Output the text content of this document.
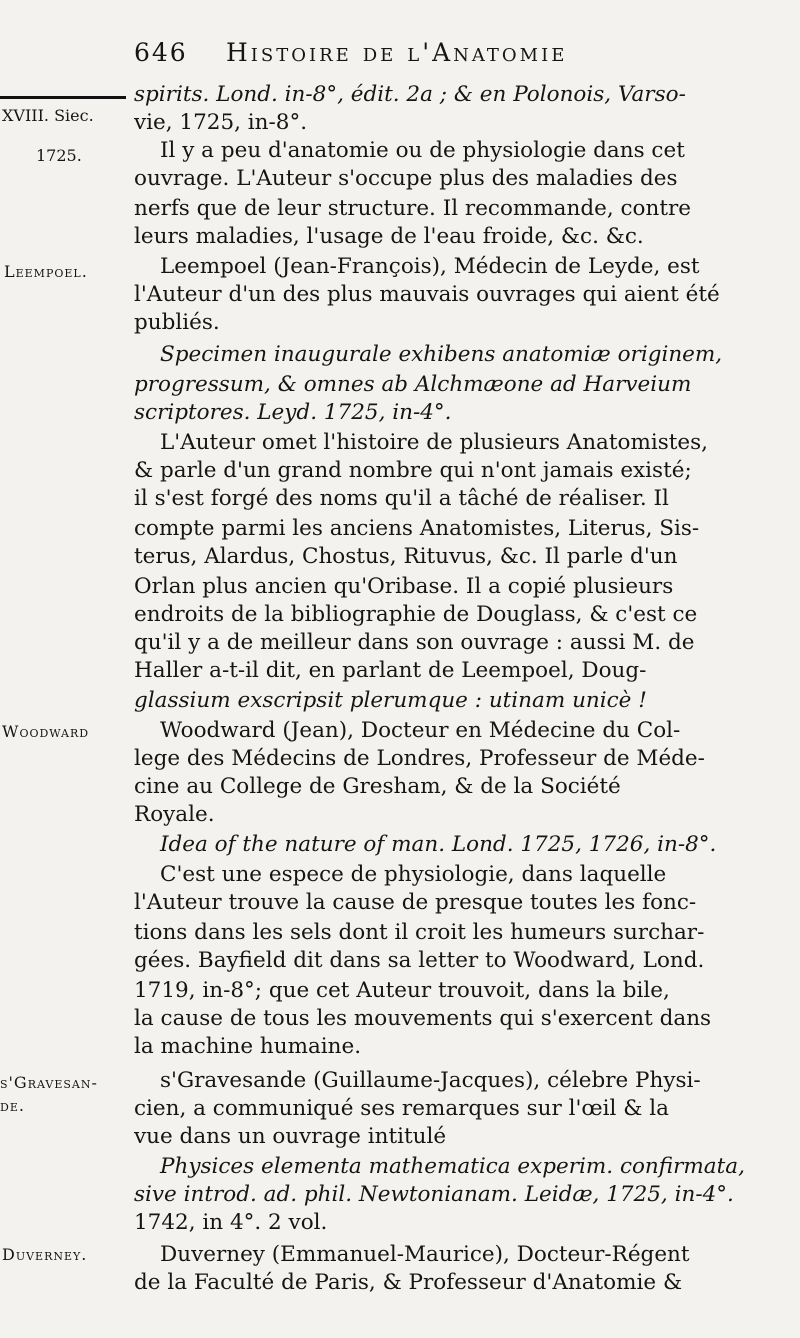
646 Histoire de l'Anatomie
XVIII. Siec.
1725.
Leempoel.
Woodward
s'Gravesan-
de.
Duverney.
spirits. Lond. in-8°, édit. 2a ; & en Polonois, Varso-
vie, 1725, in-8°.
Il y a peu d'anatomie ou de physiologie dans cet
ouvrage. L'Auteur s'occupe plus des maladies des
nerfs que de leur structure. Il recommande, contre
leurs maladies, l'usage de l'eau froide, &c. &c.
Leempoel (Jean-François), Médecin de Leyde, est
l'Auteur d'un des plus mauvais ouvrages qui aient été
publiés.
Specimen inaugurale exhibens anatomiæ originem,
progressum, & omnes ab Alchmæone ad Harveium
scriptores. Leyd. 1725, in-4°.
L'Auteur omet l'histoire de plusieurs Anatomistes,
& parle d'un grand nombre qui n'ont jamais existé;
il s'est forgé des noms qu'il a tâché de réaliser. Il
compte parmi les anciens Anatomistes, Literus, Sis-
terus, Alardus, Chostus, Rituvus, &c. Il parle d'un
Orlan plus ancien qu'Oribase. Il a copié plusieurs
endroits de la bibliographie de Douglass, & c'est ce
qu'il y a de meilleur dans son ouvrage : aussi M. de
Haller a-t-il dit, en parlant de Leempoel, Doug-
glassium exscripsit plerumque : utinam unicè !
Woodward (Jean), Docteur en Médecine du Col-
lege des Médecins de Londres, Professeur de Méde-
cine au College de Gresham, & de la Société
Royale.
Idea of the nature of man. Lond. 1725, 1726, in-8°.
C'est une espece de physiologie, dans laquelle
l'Auteur trouve la cause de presque toutes les fonc-
tions dans les sels dont il croit les humeurs surchar-
gées. Bayfield dit dans sa letter to Woodward, Lond.
1719, in-8°; que cet Auteur trouvoit, dans la bile,
la cause de tous les mouvements qui s'exercent dans
la machine humaine.
s'Gravesande (Guillaume-Jacques), célebre Physi-
cien, a communiqué ses remarques sur l'œil & la
vue dans un ouvrage intitulé
Physices elementa mathematica experim. confirmata,
sive introd. ad. phil. Newtonianam. Leidæ, 1725, in-4°.
1742, in 4°. 2 vol.
Duverney (Emmanuel-Maurice), Docteur-Régent
de la Faculté de Paris, & Professeur d'Anatomie &
